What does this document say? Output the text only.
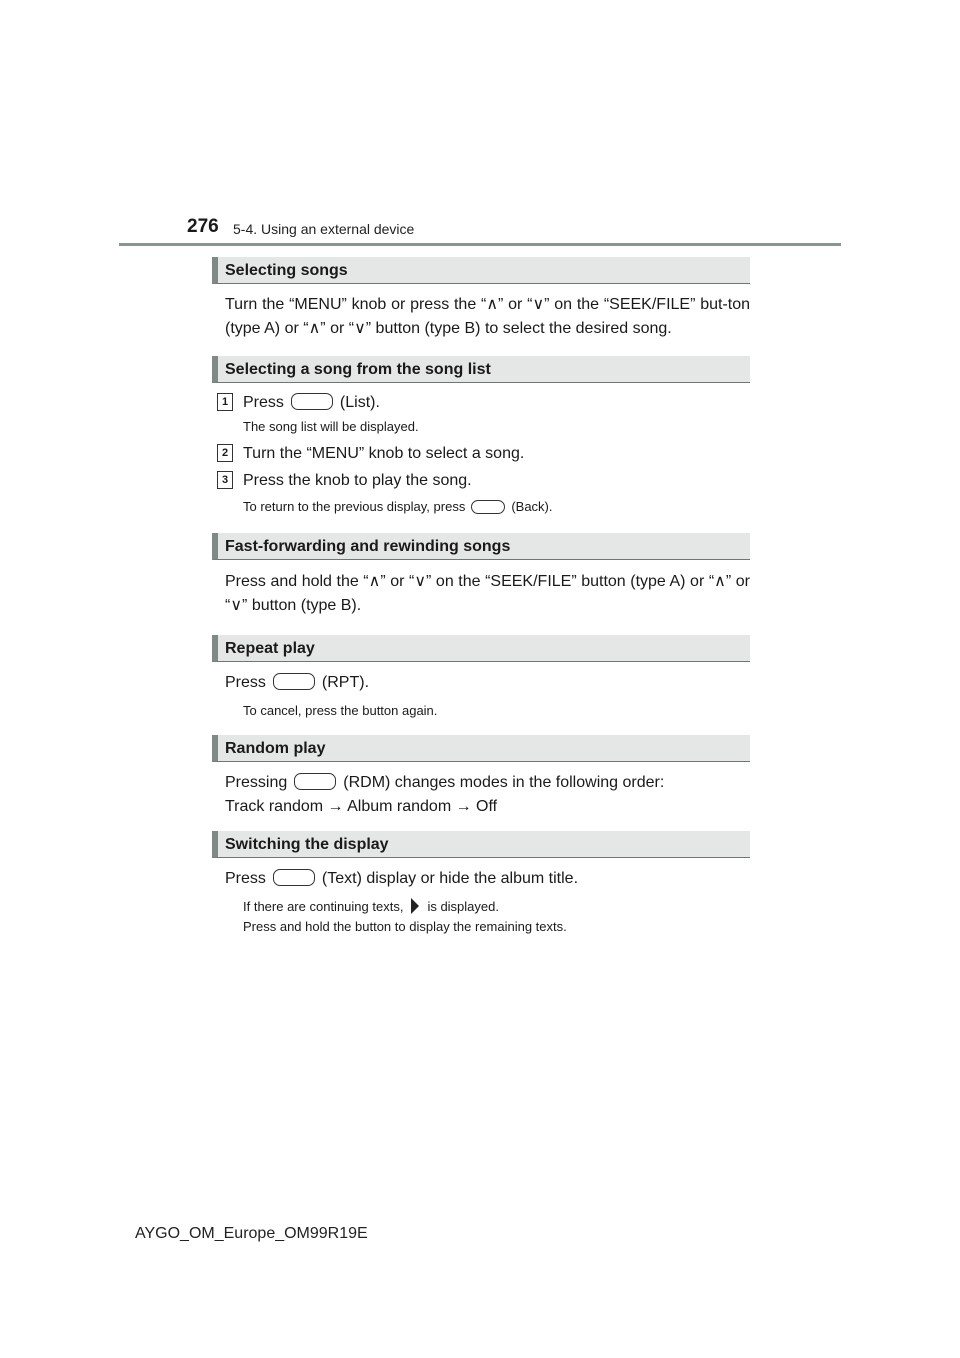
276 5-4. Using an external device
Selecting songs
Turn the “MENU” knob or press the “∧” or “∨” on the “SEEK/FILE” but-ton (type A) or “∧” or “∨” button (type B) to select the desired song.
Selecting a song from the song list
1 Press	(List).
The song list will be displayed.
2 Turn the “MENU” knob to select a song.
3 Press the knob to play the song.
To return to the previous display, press	(Back).
Fast-forwarding and rewinding songs
Press and hold the “∧” or “∨” on the “SEEK/FILE” button (type A) or “∧” or “∨” button (type B).
Repeat play
Press	(RPT).
To cancel, press the button again.
Random play
Pressing	(RDM) changes modes in the following order:
Track random → Album random → Off
Switching the display
Press	(Text) display or hide the album title.
If there are continuing texts, is displayed.
Press and hold the button to display the remaining texts.
AYGO_OM_Europe_OM99R19E
